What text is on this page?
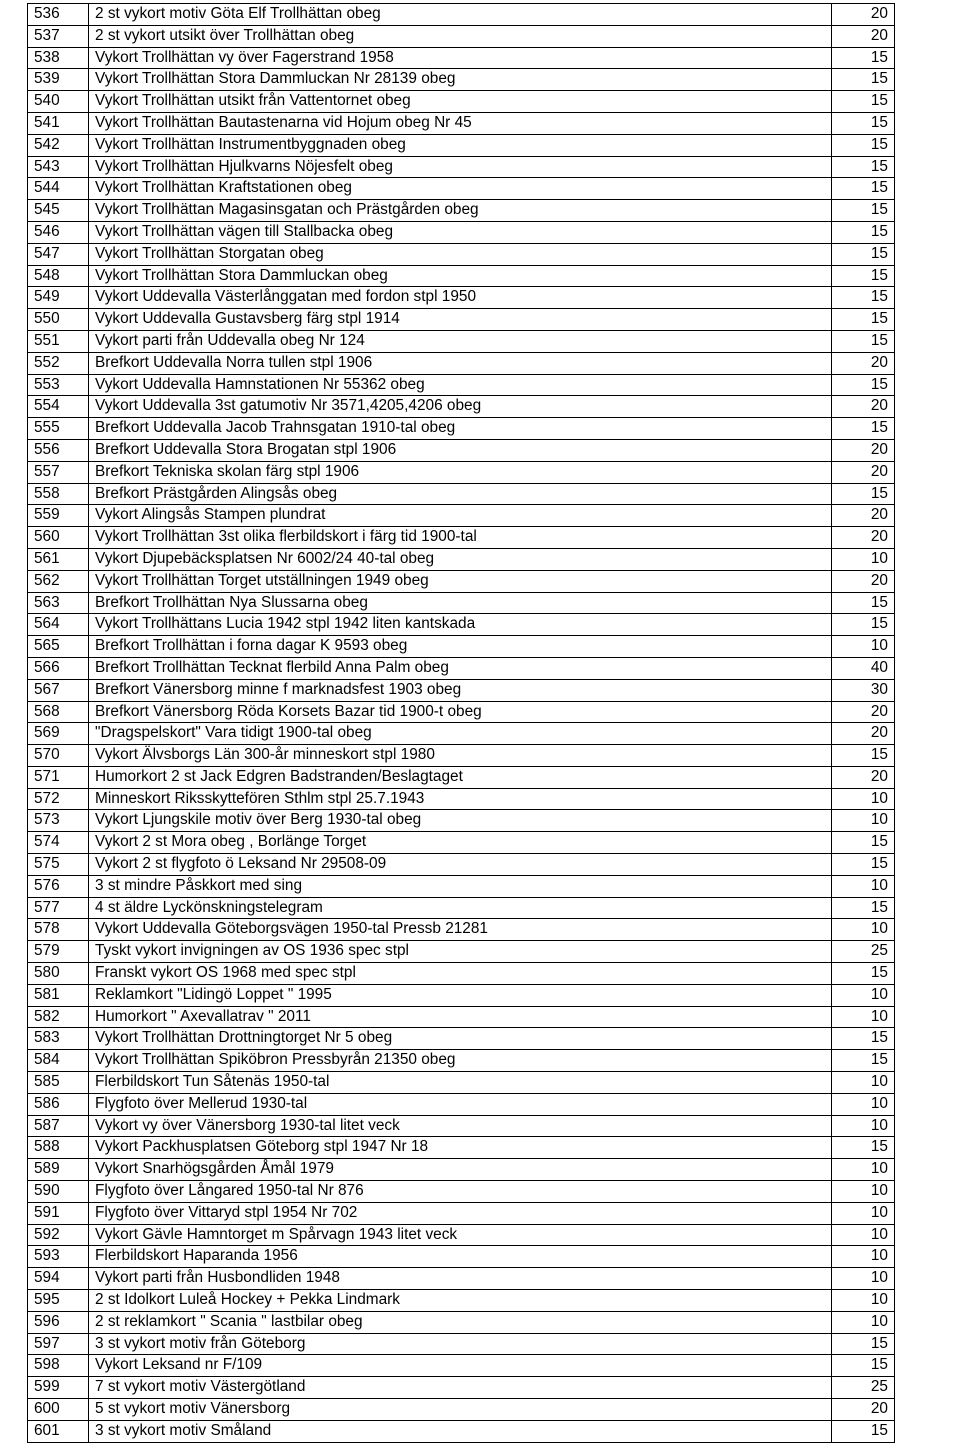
536	2 st vykort motiv Göta Elf Trollhättan obeg	20
537	2 st vykort utsikt över Trollhättan obeg	20
538	Vykort Trollhättan vy över Fagerstrand 1958	15
539	Vykort Trollhättan Stora Dammluckan Nr 28139 obeg	15
540	Vykort Trollhättan utsikt från Vattentornet obeg	15
541	Vykort Trollhättan Bautastenarna vid Hojum obeg Nr 45	15
542	Vykort Trollhättan Instrumentbyggnaden obeg	15
543	Vykort Trollhättan Hjulkvarns Nöjesfelt obeg	15
544	Vykort Trollhättan Kraftstationen obeg	15
545	Vykort Trollhättan Magasinsgatan och Prästgården obeg	15
546	Vykort Trollhättan vägen till Stallbacka obeg	15
547	Vykort Trollhättan Storgatan obeg	15
548	Vykort Trollhättan Stora Dammluckan obeg	15
549	Vykort Uddevalla Västerlånggatan med fordon stpl 1950	15
550	Vykort Uddevalla Gustavsberg färg stpl 1914	15
551	Vykort parti från Uddevalla obeg Nr 124	15
552	Brefkort Uddevalla Norra tullen stpl 1906	20
553	Vykort Uddevalla Hamnstationen Nr 55362 obeg	15
554	Vykort Uddevalla 3st gatumotiv Nr 3571,4205,4206 obeg	20
555	Brefkort Uddevalla Jacob Trahnsgatan 1910-tal obeg	15
556	Brefkort Uddevalla Stora Brogatan stpl 1906	20
557	Brefkort Tekniska skolan färg stpl 1906	20
558	Brefkort Prästgården Alingsås obeg	15
559	Vykort Alingsås Stampen plundrat	20
560	Vykort Trollhättan 3st olika flerbildskort i färg tid 1900-tal	20
561	Vykort Djupebäcksplatsen Nr 6002/24 40-tal obeg	10
562	Vykort Trollhättan Torget utställningen 1949 obeg	20
563	Brefkort Trollhättan Nya Slussarna obeg	15
564	Vykort Trollhättans Lucia 1942 stpl 1942 liten kantskada	15
565	Brefkort Trollhättan i forna dagar K 9593 obeg	10
566	Brefkort Trollhättan Tecknat flerbild Anna Palm obeg	40
567	Brefkort Vänersborg minne f marknadsfest 1903 obeg	30
568	Brefkort Vänersborg Röda Korsets Bazar tid 1900-t obeg	20
569	"Dragspelskort" Vara tidigt 1900-tal obeg	20
570	Vykort Älvsborgs Län 300-år minneskort stpl 1980	15
571	Humorkort 2 st Jack Edgren Badstranden/Beslagtaget	20
572	Minneskort Riksskyttefören Sthlm stpl 25.7.1943	10
573	Vykort Ljungskile motiv över Berg 1930-tal obeg	10
574	Vykort 2 st Mora obeg , Borlänge Torget	15
575	Vykort 2 st flygfoto ö Leksand Nr 29508-09	15
576	3 st mindre Påskkort med sing	10
577	4 st äldre Lyckönskningstelegram	15
578	Vykort Uddevalla Göteborgsvägen 1950-tal Pressb 21281	10
579	Tyskt vykort invigningen av OS 1936 spec stpl	25
580	Franskt vykort OS 1968 med spec stpl	15
581	Reklamkort "Lidingö Loppet " 1995	10
582	Humorkort " Axevallatrav " 2011	10
583	Vykort Trollhättan Drottningtorget Nr 5 obeg	15
584	Vykort Trollhättan Spiköbron Pressbyrån 21350 obeg	15
585	Flerbildskort Tun Såtenäs 1950-tal	10
586	Flygfoto över Mellerud 1930-tal	10
587	Vykort vy över Vänersborg 1930-tal litet veck	10
588	Vykort Packhusplatsen Göteborg stpl 1947 Nr 18	15
589	Vykort Snarhögsgården Åmål 1979	10
590	Flygfoto över Långared 1950-tal Nr 876	10
591	Flygfoto över Vittaryd stpl 1954 Nr 702	10
592	Vykort Gävle Hamntorget m Spårvagn 1943 litet veck	10
593	Flerbildskort Haparanda 1956	10
594	Vykort parti från Husbondliden 1948	10
595	2 st Idolkort Luleå Hockey + Pekka Lindmark	10
596	2 st reklamkort " Scania " lastbilar obeg	10
597	3 st vykort motiv från Göteborg	15
598	Vykort Leksand nr F/109	15
599	7 st vykort motiv Västergötland	25
600	5 st vykort motiv Vänersborg	20
601	3 st vykort motiv Småland	15
